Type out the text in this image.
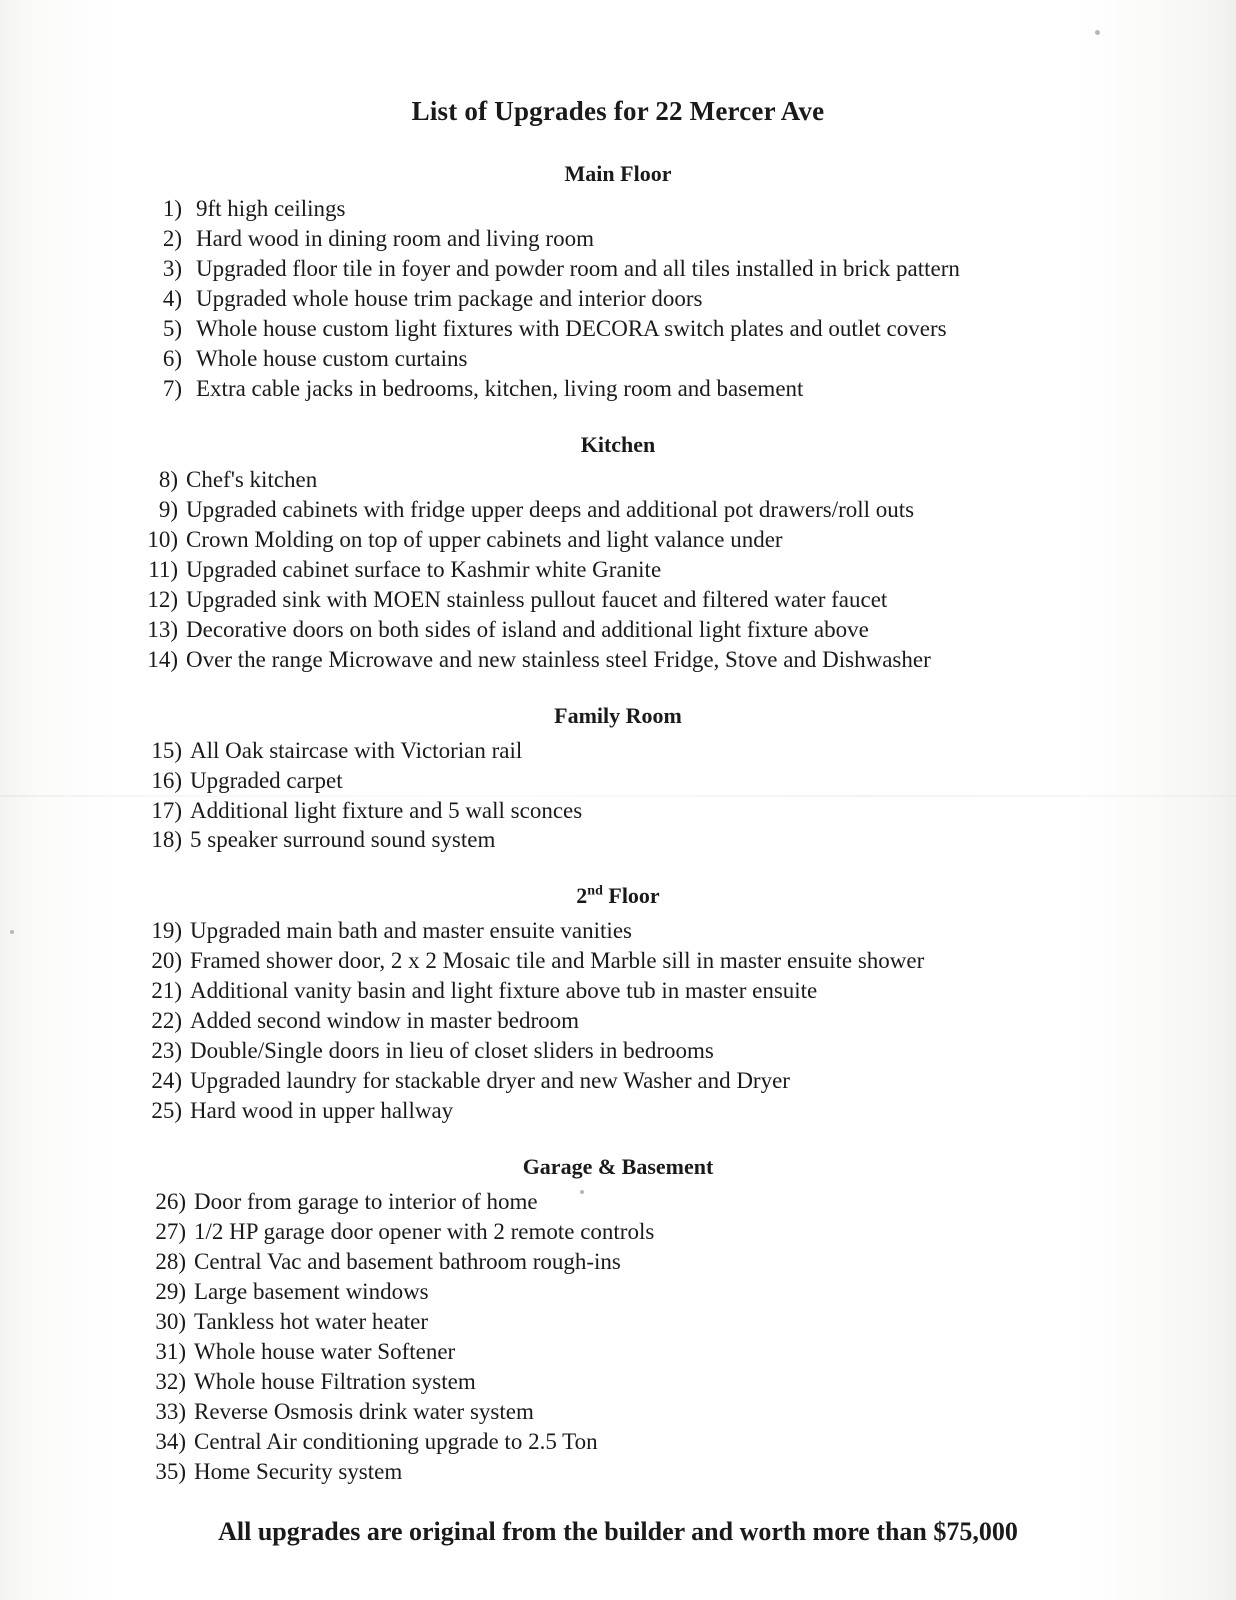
List of Upgrades for 22 Mercer Ave
Main Floor
1) 9ft high ceilings
2) Hard wood in dining room and living room
3) Upgraded floor tile in foyer and powder room and all tiles installed in brick pattern
4) Upgraded whole house trim package and interior doors
5) Whole house custom light fixtures with DECORA switch plates and outlet covers
6) Whole house custom curtains
7) Extra cable jacks in bedrooms, kitchen, living room and basement
Kitchen
8) Chef's kitchen
9) Upgraded cabinets with fridge upper deeps and additional pot drawers/roll outs
10) Crown Molding on top of upper cabinets and light valance under
11) Upgraded cabinet surface to Kashmir white Granite
12) Upgraded sink with MOEN stainless pullout faucet and filtered water faucet
13) Decorative doors on both sides of island and additional light fixture above
14) Over the range Microwave and new stainless steel Fridge, Stove and Dishwasher
Family Room
15) All Oak staircase with Victorian rail
16) Upgraded carpet
17) Additional light fixture and 5 wall sconces
18) 5 speaker surround sound system
2nd Floor
19) Upgraded main bath and master ensuite vanities
20) Framed shower door, 2 x 2 Mosaic tile and Marble sill in master ensuite shower
21) Additional vanity basin and light fixture above tub in master ensuite
22) Added second window in master bedroom
23) Double/Single doors in lieu of closet sliders in bedrooms
24) Upgraded laundry for stackable dryer and new Washer and Dryer
25) Hard wood in upper hallway
Garage & Basement
26) Door from garage to interior of home
27) 1/2 HP garage door opener with 2 remote controls
28) Central Vac and basement bathroom rough-ins
29) Large basement windows
30) Tankless hot water heater
31) Whole house water Softener
32) Whole house Filtration system
33) Reverse Osmosis drink water system
34) Central Air conditioning upgrade to 2.5 Ton
35) Home Security system
All upgrades are original from the builder and worth more than $75,000
